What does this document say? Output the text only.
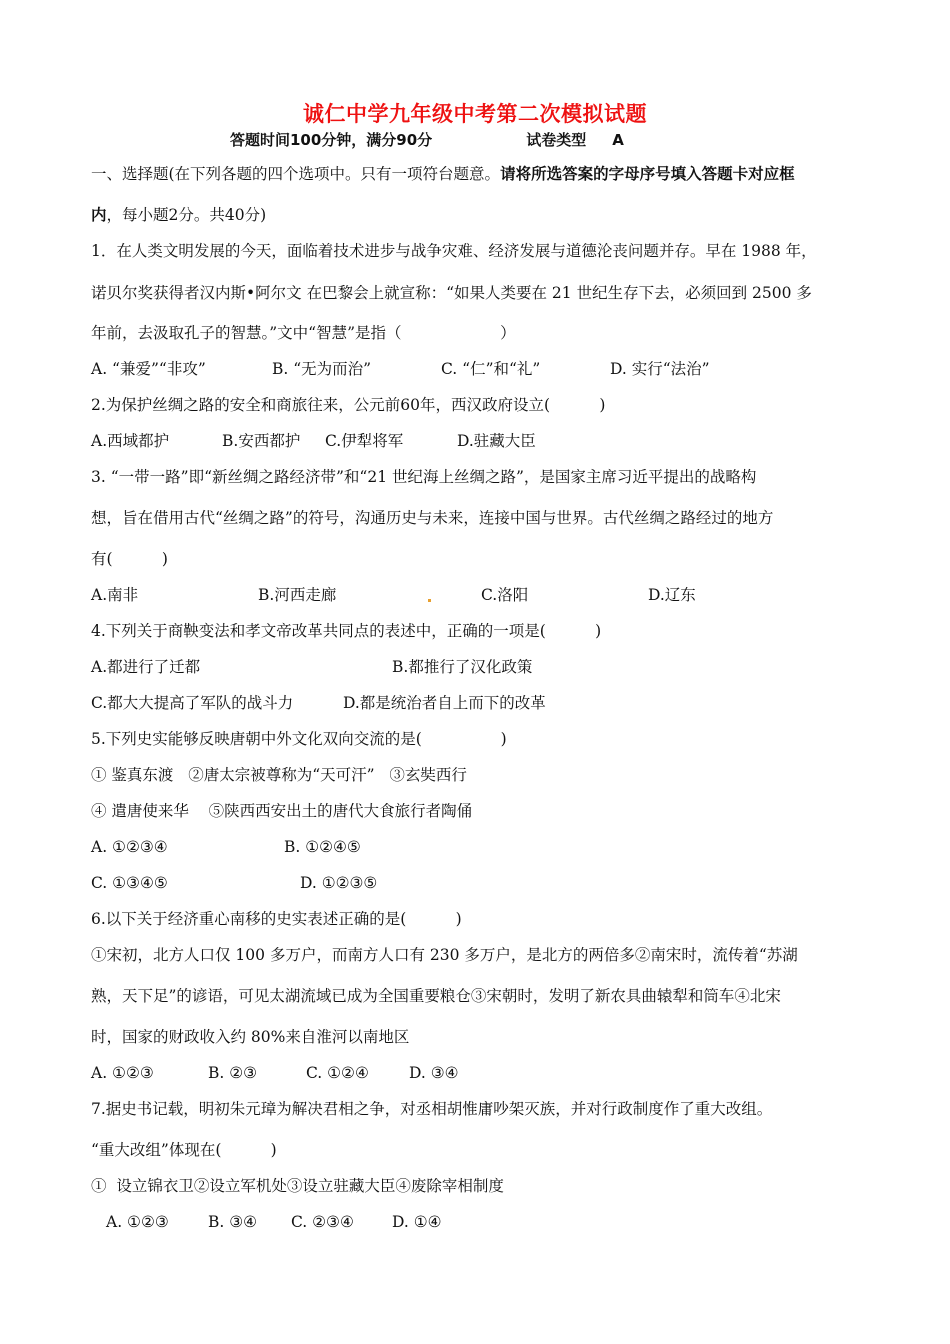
诚仁中学九年级中考第二次模拟试题
答题时间100分钟，满分90分	试卷类型     A
一、选择题(在下列各题的四个选项中。只有一项符台题意。请将所选答案的字母序号填入答题卡对应框
内，每小题2分。共40分)
1．在人类文明发展的今天，面临着技术进步与战争灾难、经济发展与道德沦丧问题并存。早在 1988 年，
诺贝尔奖获得者汉内斯•阿尔文 在巴黎会上就宣称：“如果人类要在 21 世纪生存下去，必须回到 2500 多
年前，去汲取孔子的智慧。”文中“智慧”是指（                    ）
A. “兼爱”“非攻”	B. “无为而治”	C. “仁”和“礼”	D. 实行“法治”
2.为保护丝绸之路的安全和商旅往来，公元前60年，西汉政府设立(          )
A.西域都护	B.安西都护 C.伊犁将军	D.驻藏大臣
3. “一带一路”即“新丝绸之路经济带”和“21 世纪海上丝绸之路”，是国家主席习近平提出的战略构
想，旨在借用古代“丝绸之路”的符号，沟通历史与未来，连接中国与世界。古代丝绸之路经过的地方
有(          )
A.南非	B.河西走廊	C.洛阳	D.辽东
4.下列关于商鞅变法和孝文帝改革共同点的表述中，正确的一项是(          )
A.都进行了迁都	B.都推行了汉化政策
C.都大大提高了军队的战斗力	D.都是统治者自上而下的改革
5.下列史实能够反映唐朝中外文化双向交流的是(                )
① 鉴真东渡   ②唐太宗被尊称为“天可汗”   ③玄奘西行
④ 遣唐使来华    ⑤陕西西安出土的唐代大食旅行者陶俑
A. ①②③④	B. ①②④⑤
C. ①③④⑤	D. ①②③⑤
6.以下关于经济重心南移的史实表述正确的是(          )
①宋初，北方人口仅 100 多万户，而南方人口有 230 多万户，是北方的两倍多②南宋时，流传着“苏湖
熟，天下足”的谚语，可见太湖流域已成为全国重要粮仓③宋朝时，发明了新农具曲辕犁和筒车④北宋
时，国家的财政收入约 80%来自淮河以南地区
A. ①②③	B. ②③	C. ①②④	D. ③④
7.据史书记载，明初朱元璋为解决君相之争，对丞相胡惟庸吵架灭族，并对行政制度作了重大改组。
“重大改组”体现在(          )
①  设立锦衣卫②设立军机处③设立驻藏大臣④废除宰相制度
A. ①②③	B. ③④ C. ②③④ D. ①④
